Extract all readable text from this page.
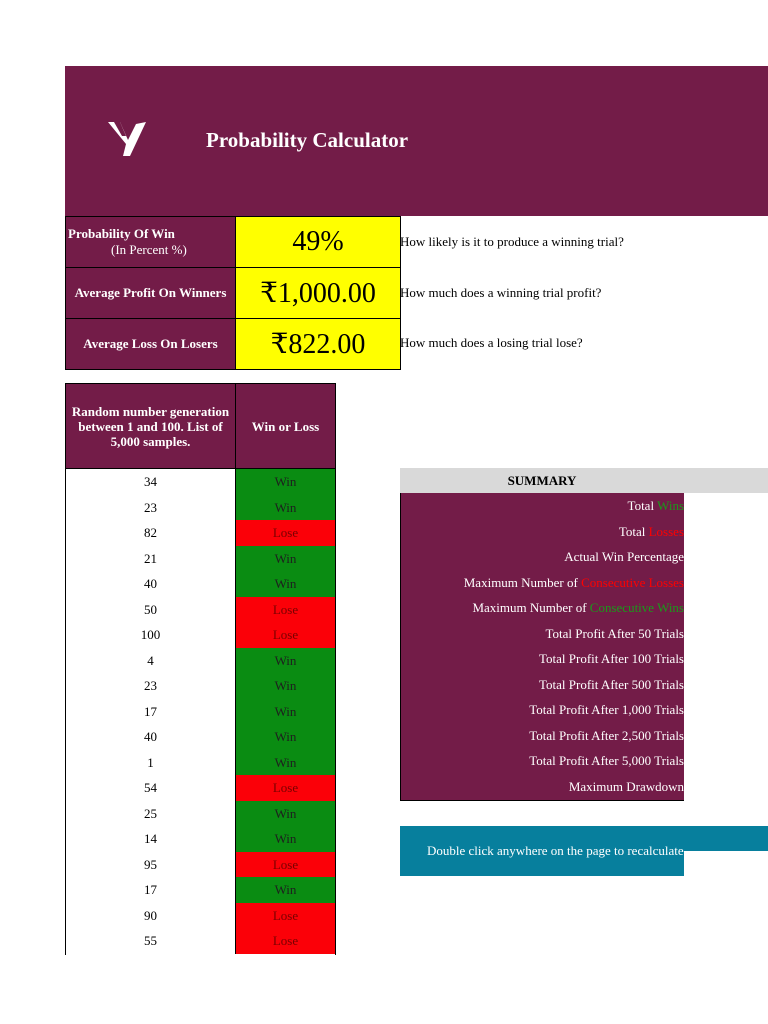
Probability Calculator
Probability Of Win
(In Percent %)	49%	How likely is it to produce a winning trial?
Average Profit On Winners	₹1,000.00	How much does a winning trial profit?
Average Loss On Losers	₹822.00	How much does a losing trial lose?
Random number generation between 1 and 100. List of 5,000 samples.
Win or Loss
34	Win
23	Win
82	Lose
21	Win
40	Win
50	Lose
100	Lose
4	Win
23	Win
17	Win
40	Win
1	Win
54	Lose
25	Win
14	Win
95	Lose
17	Win
90	Lose
55	Lose
SUMMARY
Total Wins
Total Losses
Actual Win Percentage
Maximum Number of Consecutive Losses
Maximum Number of Consecutive Wins
Total Profit After 50 Trials
Total Profit After 100 Trials
Total Profit After 500 Trials
Total Profit After 1,000 Trials
Total Profit After 2,500 Trials
Total Profit After 5,000 Trials
Maximum Drawdown
Double click anywhere on the page to recalculate
